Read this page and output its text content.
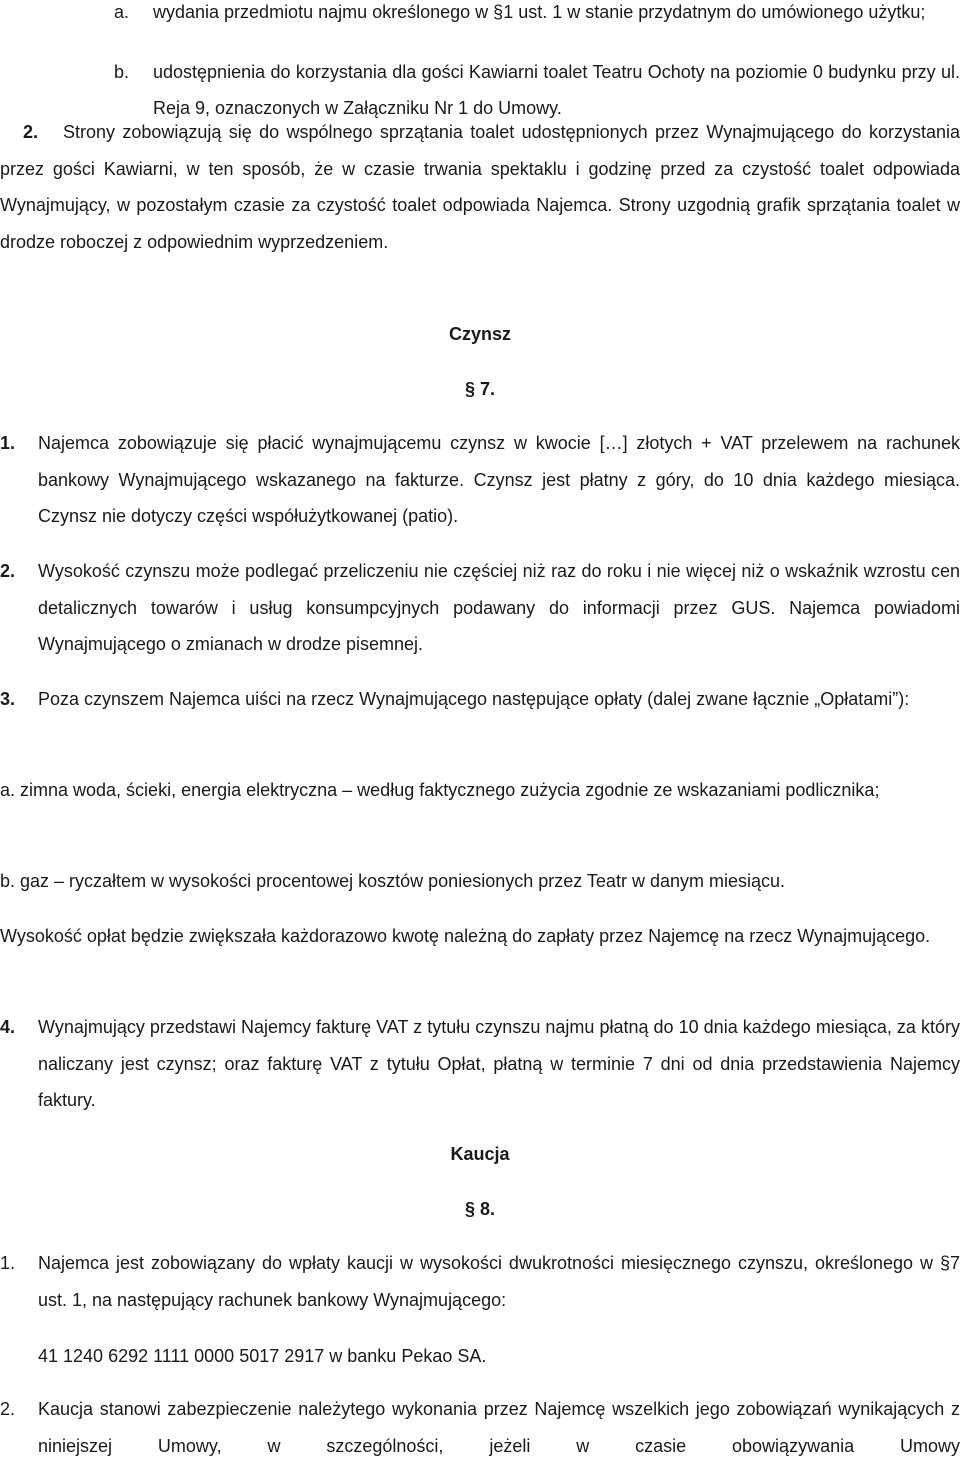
a. wydania przedmiotu najmu określonego w §1 ust. 1 w stanie przydatnym do umówionego użytku;

b. udostępnienia do korzystania dla gości Kawiarni toalet Teatru Ochoty na poziomie 0 budynku przy ul. Reja 9, oznaczonych w Załączniku Nr 1 do Umowy.

2.	Strony zobowiązują się do wspólnego sprzątania toalet udostępnionych przez Wynajmującego do korzystania przez gości Kawiarni, w ten sposób, że w czasie trwania spektaklu i godzinę przed za czystość toalet odpowiada Wynajmujący, w pozostałym czasie za czystość toalet odpowiada Najemca. Strony uzgodnią grafik sprzątania toalet w drodze roboczej z odpowiednim wyprzedzeniem.

Czynsz
§ 7.
1. Najemca zobowiązuje się płacić wynajmującemu czynsz w kwocie […] złotych + VAT przelewem na rachunek bankowy Wynajmującego wskazanego na fakturze. Czynsz jest płatny z góry, do 10 dnia każdego miesiąca. Czynsz nie dotyczy części współużytkowanej (patio).

2. Wysokość czynszu może podlegać przeliczeniu nie częściej niż raz do roku i nie więcej niż o wskaźnik wzrostu cen detalicznych towarów i usług konsumpcyjnych podawany do informacji przez GUS. Najemca powiadomi Wynajmującego o zmianach w drodze pisemnej.

3. Poza czynszem Najemca uiści na rzecz Wynajmującego następujące opłaty (dalej zwane łącznie „Opłatami”):

a. zimna woda, ścieki, energia elektryczna – według faktycznego zużycia zgodnie ze wskazaniami podlicznika;

b. gaz – ryczałtem w wysokości procentowej kosztów poniesionych przez Teatr w danym miesiącu.

Wysokość opłat będzie zwiększała każdorazowo kwotę należną do zapłaty przez Najemcę na rzecz Wynajmującego.

4. Wynajmujący przedstawi Najemcy fakturę VAT z tytułu czynszu najmu płatną do 10 dnia każdego miesiąca, za który naliczany jest czynsz; oraz fakturę VAT z tytułu Opłat, płatną w terminie 7 dni od dnia przedstawienia Najemcy faktury.

Kaucja
§ 8.
1. Najemca jest zobowiązany do wpłaty kaucji w wysokości dwukrotności miesięcznego czynszu, określonego w §7 ust. 1, na następujący rachunek bankowy Wynajmującego:

41 1240 6292 1111 0000 5017 2917 w banku Pekao SA.
2. Kaucja stanowi zabezpieczenie należytego wykonania przez Najemcę wszelkich jego zobowiązań wynikających z niniejszej Umowy, w szczególności, jeżeli w czasie obowiązywania Umowy
